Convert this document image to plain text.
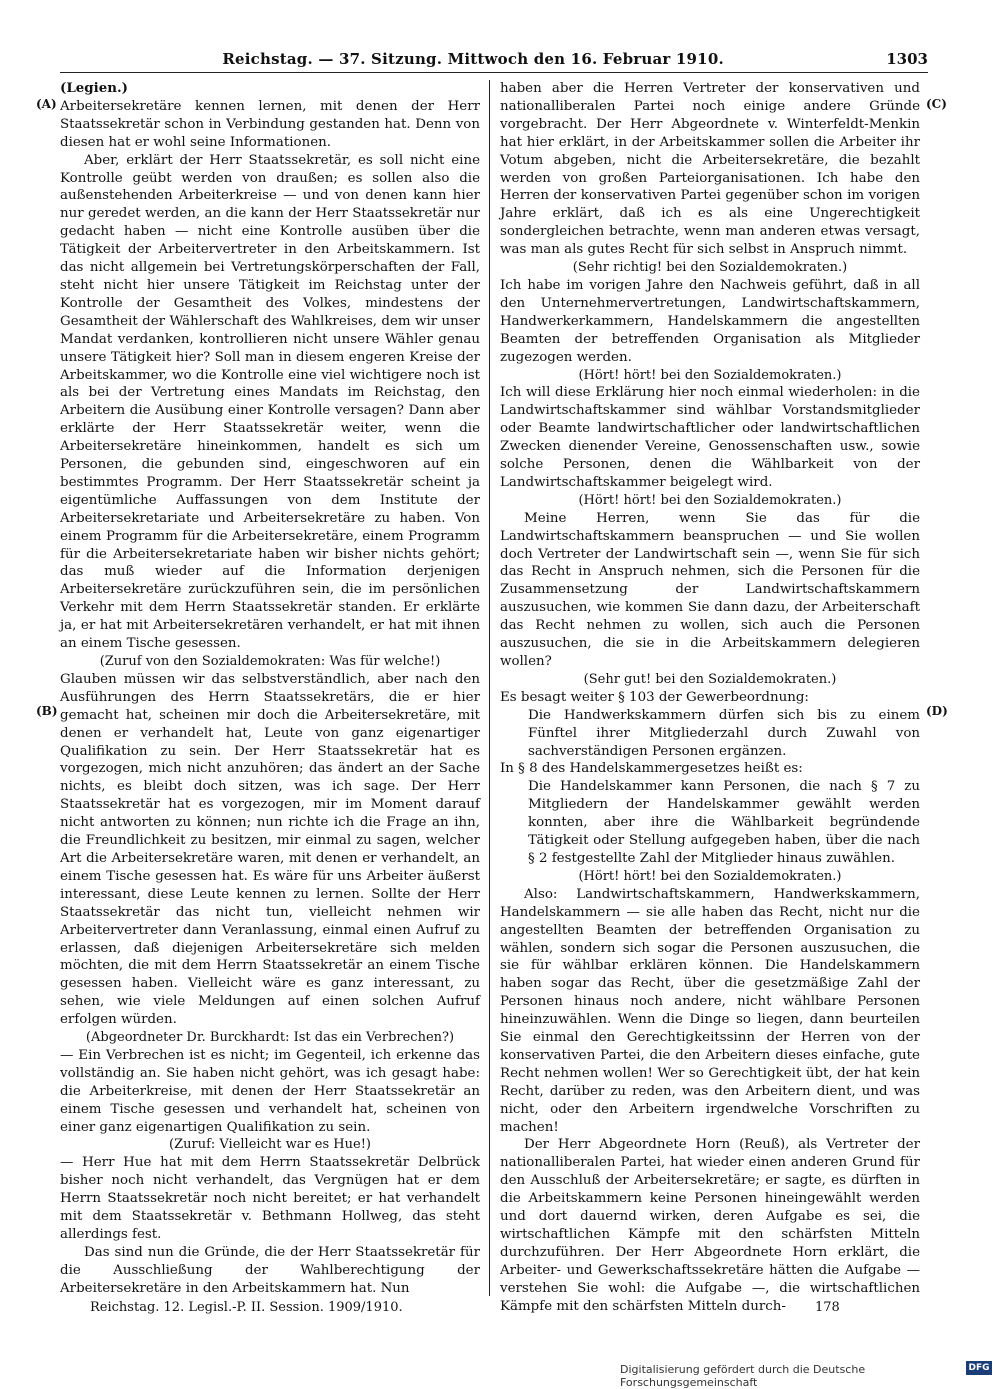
Reichstag. — 37. Sitzung. Mittwoch den 16. Februar 1910.	1303
(A)
(B)
(C)
(D)

(Legien.)

Arbeitersekretäre kennen lernen, mit denen der Herr Staatssekretär schon in Verbindung gestanden hat. Denn von diesen hat er wohl seine Informationen.

Aber, erklärt der Herr Staatssekretär, es soll nicht eine Kontrolle geübt werden von draußen; es sollen also die außenstehenden Arbeiterkreise — und von denen kann hier nur geredet werden, an die kann der Herr Staatssekretär nur gedacht haben — nicht eine Kontrolle ausüben über die Tätigkeit der Arbeitervertreter in den Arbeitskammern. Ist das nicht allgemein bei Vertretungskörperschaften der Fall, steht nicht hier unsere Tätigkeit im Reichstag unter der Kontrolle der Gesamtheit des Volkes, mindestens der Gesamtheit der Wählerschaft des Wahlkreises, dem wir unser Mandat verdanken, kontrollieren nicht unsere Wähler genau unsere Tätigkeit hier? Soll man in diesem engeren Kreise der Arbeitskammer, wo die Kontrolle eine viel wichtigere noch ist als bei der Vertretung eines Mandats im Reichstag, den Arbeitern die Ausübung einer Kontrolle versagen? Dann aber erklärte der Herr Staatssekretär weiter, wenn die Arbeitersekretäre hineinkommen, handelt es sich um Personen, die gebunden sind, eingeschworen auf ein bestimmtes Programm. Der Herr Staatssekretär scheint ja eigentümliche Auffassungen von dem Institute der Arbeitersekretariate und Arbeitersekretäre zu haben. Von einem Programm für die Arbeitersekretäre, einem Programm für die Arbeitersekretariate haben wir bisher nichts gehört; das muß wieder auf die Information derjenigen Arbeitersekretäre zurückzuführen sein, die im persönlichen Verkehr mit dem Herrn Staatssekretär standen. Er erklärte ja, er hat mit Arbeitersekretären verhandelt, er hat mit ihnen an einem Tische gesessen.

(Zuruf von den Sozialdemokraten: Was für welche!)

Glauben müssen wir das selbstverständlich, aber nach den Ausführungen des Herrn Staatssekretärs, die er hier gemacht hat, scheinen mir doch die Arbeitersekretäre, mit denen er verhandelt hat, Leute von ganz eigenartiger Qualifikation zu sein. Der Herr Staatssekretär hat es vorgezogen, mich nicht anzuhören; das ändert an der Sache nichts, es bleibt doch sitzen, was ich sage. Der Herr Staatssekretär hat es vorgezogen, mir im Moment darauf nicht antworten zu können; nun richte ich die Frage an ihn, die Freundlichkeit zu besitzen, mir einmal zu sagen, welcher Art die Arbeitersekretäre waren, mit denen er verhandelt, an einem Tische gesessen hat. Es wäre für uns Arbeiter äußerst interessant, diese Leute kennen zu lernen. Sollte der Herr Staatssekretär das nicht tun, vielleicht nehmen wir Arbeitervertreter dann Veranlassung, einmal einen Aufruf zu erlassen, daß diejenigen Arbeitersekretäre sich melden möchten, die mit dem Herrn Staatssekretär an einem Tische gesessen haben. Vielleicht wäre es ganz interessant, zu sehen, wie viele Meldungen auf einen solchen Aufruf erfolgen würden.

(Abgeordneter Dr. Burckhardt: Ist das ein Verbrechen?)

— Ein Verbrechen ist es nicht; im Gegenteil, ich erkenne das vollständig an. Sie haben nicht gehört, was ich gesagt habe: die Arbeiterkreise, mit denen der Herr Staatssekretär an einem Tische gesessen und verhandelt hat, scheinen von einer ganz eigenartigen Qualifikation zu sein.

(Zuruf: Vielleicht war es Hue!)

— Herr Hue hat mit dem Herrn Staatssekretär Delbrück bisher noch nicht verhandelt, das Vergnügen hat er dem Herrn Staatssekretär noch nicht bereitet; er hat verhandelt mit dem Staatssekretär v. Bethmann Hollweg, das steht allerdings fest.

Das sind nun die Gründe, die der Herr Staatssekretär für die Ausschließung der Wahlberechtigung der Arbeitersekretäre in den Arbeitskammern hat. Nun

haben aber die Herren Vertreter der konservativen und nationalliberalen Partei noch einige andere Gründe vorgebracht. Der Herr Abgeordnete v. Winterfeldt-Menkin hat hier erklärt, in der Arbeitskammer sollen die Arbeiter ihr Votum abgeben, nicht die Arbeitersekretäre, die bezahlt werden von großen Parteiorganisationen. Ich habe den Herren der konservativen Partei gegenüber schon im vorigen Jahre erklärt, daß ich es als eine Ungerechtigkeit sondergleichen betrachte, wenn man anderen etwas versagt, was man als gutes Recht für sich selbst in Anspruch nimmt.

(Sehr richtig! bei den Sozialdemokraten.)

Ich habe im vorigen Jahre den Nachweis geführt, daß in all den Unternehmervertretungen, Landwirtschaftskammern, Handwerkerkammern, Handelskammern die angestellten Beamten der betreffenden Organisation als Mitglieder zugezogen werden.

(Hört! hört! bei den Sozialdemokraten.)

Ich will diese Erklärung hier noch einmal wiederholen: in die Landwirtschaftskammer sind wählbar Vorstandsmitglieder oder Beamte landwirtschaftlicher oder landwirtschaftlichen Zwecken dienender Vereine, Genossenschaften usw., sowie solche Personen, denen die Wählbarkeit von der Landwirtschaftskammer beigelegt wird.

(Hört! hört! bei den Sozialdemokraten.)

Meine Herren, wenn Sie das für die Landwirtschaftskammern beanspruchen — und Sie wollen doch Vertreter der Landwirtschaft sein —, wenn Sie für sich das Recht in Anspruch nehmen, sich die Personen für die Zusammensetzung der Landwirtschaftskammern auszusuchen, wie kommen Sie dann dazu, der Arbeiterschaft das Recht nehmen zu wollen, sich auch die Personen auszusuchen, die sie in die Arbeitskammern delegieren wollen?

(Sehr gut! bei den Sozialdemokraten.)

Es besagt weiter § 103 der Gewerbeordnung:

Die Handwerkskammern dürfen sich bis zu einem Fünftel ihrer Mitgliederzahl durch Zuwahl von sachverständigen Personen ergänzen.

In § 8 des Handelskammergesetzes heißt es:

Die Handelskammer kann Personen, die nach § 7 zu Mitgliedern der Handelskammer gewählt werden konnten, aber ihre die Wählbarkeit begründende Tätigkeit oder Stellung aufgegeben haben, über die nach § 2 festgestellte Zahl der Mitglieder hinaus zuwählen.

(Hört! hört! bei den Sozialdemokraten.)

Also: Landwirtschaftskammern, Handwerkskammern, Handelskammern — sie alle haben das Recht, nicht nur die angestellten Beamten der betreffenden Organisation zu wählen, sondern sich sogar die Personen auszusuchen, die sie für wählbar erklären können. Die Handelskammern haben sogar das Recht, über die gesetzmäßige Zahl der Personen hinaus noch andere, nicht wählbare Personen hineinzuwählen. Wenn die Dinge so liegen, dann beurteilen Sie einmal den Gerechtigkeitssinn der Herren von der konservativen Partei, die den Arbeitern dieses einfache, gute Recht nehmen wollen! Wer so Gerechtigkeit übt, der hat kein Recht, darüber zu reden, was den Arbeitern dient, und was nicht, oder den Arbeitern irgendwelche Vorschriften zu machen!

Der Herr Abgeordnete Horn (Reuß), als Vertreter der nationalliberalen Partei, hat wieder einen anderen Grund für den Ausschluß der Arbeitersekretäre; er sagte, es dürften in die Arbeitskammern keine Personen hineingewählt werden und dort dauernd wirken, deren Aufgabe es sei, die wirtschaftlichen Kämpfe mit den schärfsten Mitteln durchzuführen. Der Herr Abgeordnete Horn erklärt, die Arbeiter- und Gewerkschaftssekretäre hätten die Aufgabe — verstehen Sie wohl: die Aufgabe —, die wirtschaftlichen Kämpfe mit den schärfsten Mitteln durch-

Reichstag. 12. Legisl.-P. II. Session. 1909/1910.	178
Digitalisierung gefördert durch die Deutsche Forschungsgemeinschaft
DFG
